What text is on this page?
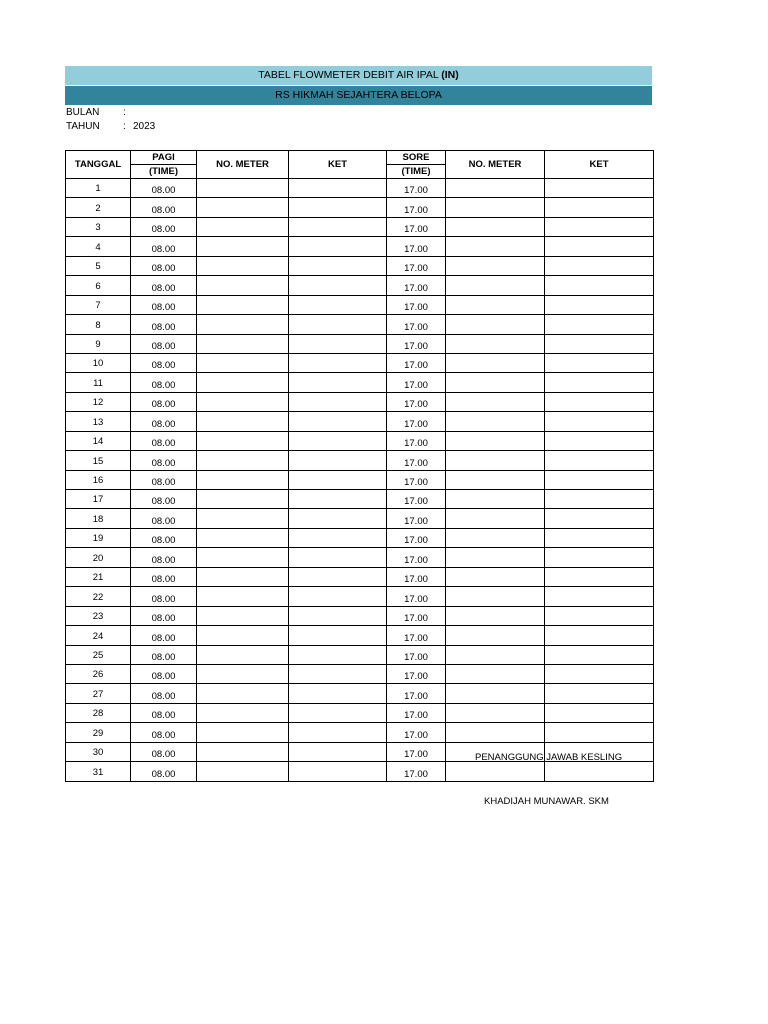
TABEL FLOWMETER DEBIT AIR IPAL (IN)
RS HIKMAH SEJAHTERA BELOPA
BULAN :
TAHUN : 2023
TANGGAL	PAGI	NO. METER	KET	SORE	NO. METER	KET
	(TIME)			(TIME)		
1	08.00			17.00		
2	08.00			17.00		
3	08.00			17.00		
4	08.00			17.00		
5	08.00			17.00		
6	08.00			17.00		
7	08.00			17.00		
8	08.00			17.00		
9	08.00			17.00		
10	08.00			17.00		
11	08.00			17.00		
12	08.00			17.00		
13	08.00			17.00		
14	08.00			17.00		
15	08.00			17.00		
16	08.00			17.00		
17	08.00			17.00		
18	08.00			17.00		
19	08.00			17.00		
20	08.00			17.00		
21	08.00			17.00		
22	08.00			17.00		
23	08.00			17.00		
24	08.00			17.00		
25	08.00			17.00		
26	08.00			17.00		
27	08.00			17.00		
28	08.00			17.00		
29	08.00			17.00		
30	08.00			17.00		
31	08.00			17.00		
PENANGGUNG JAWAB KESLING
KHADIJAH MUNAWAR. SKM
